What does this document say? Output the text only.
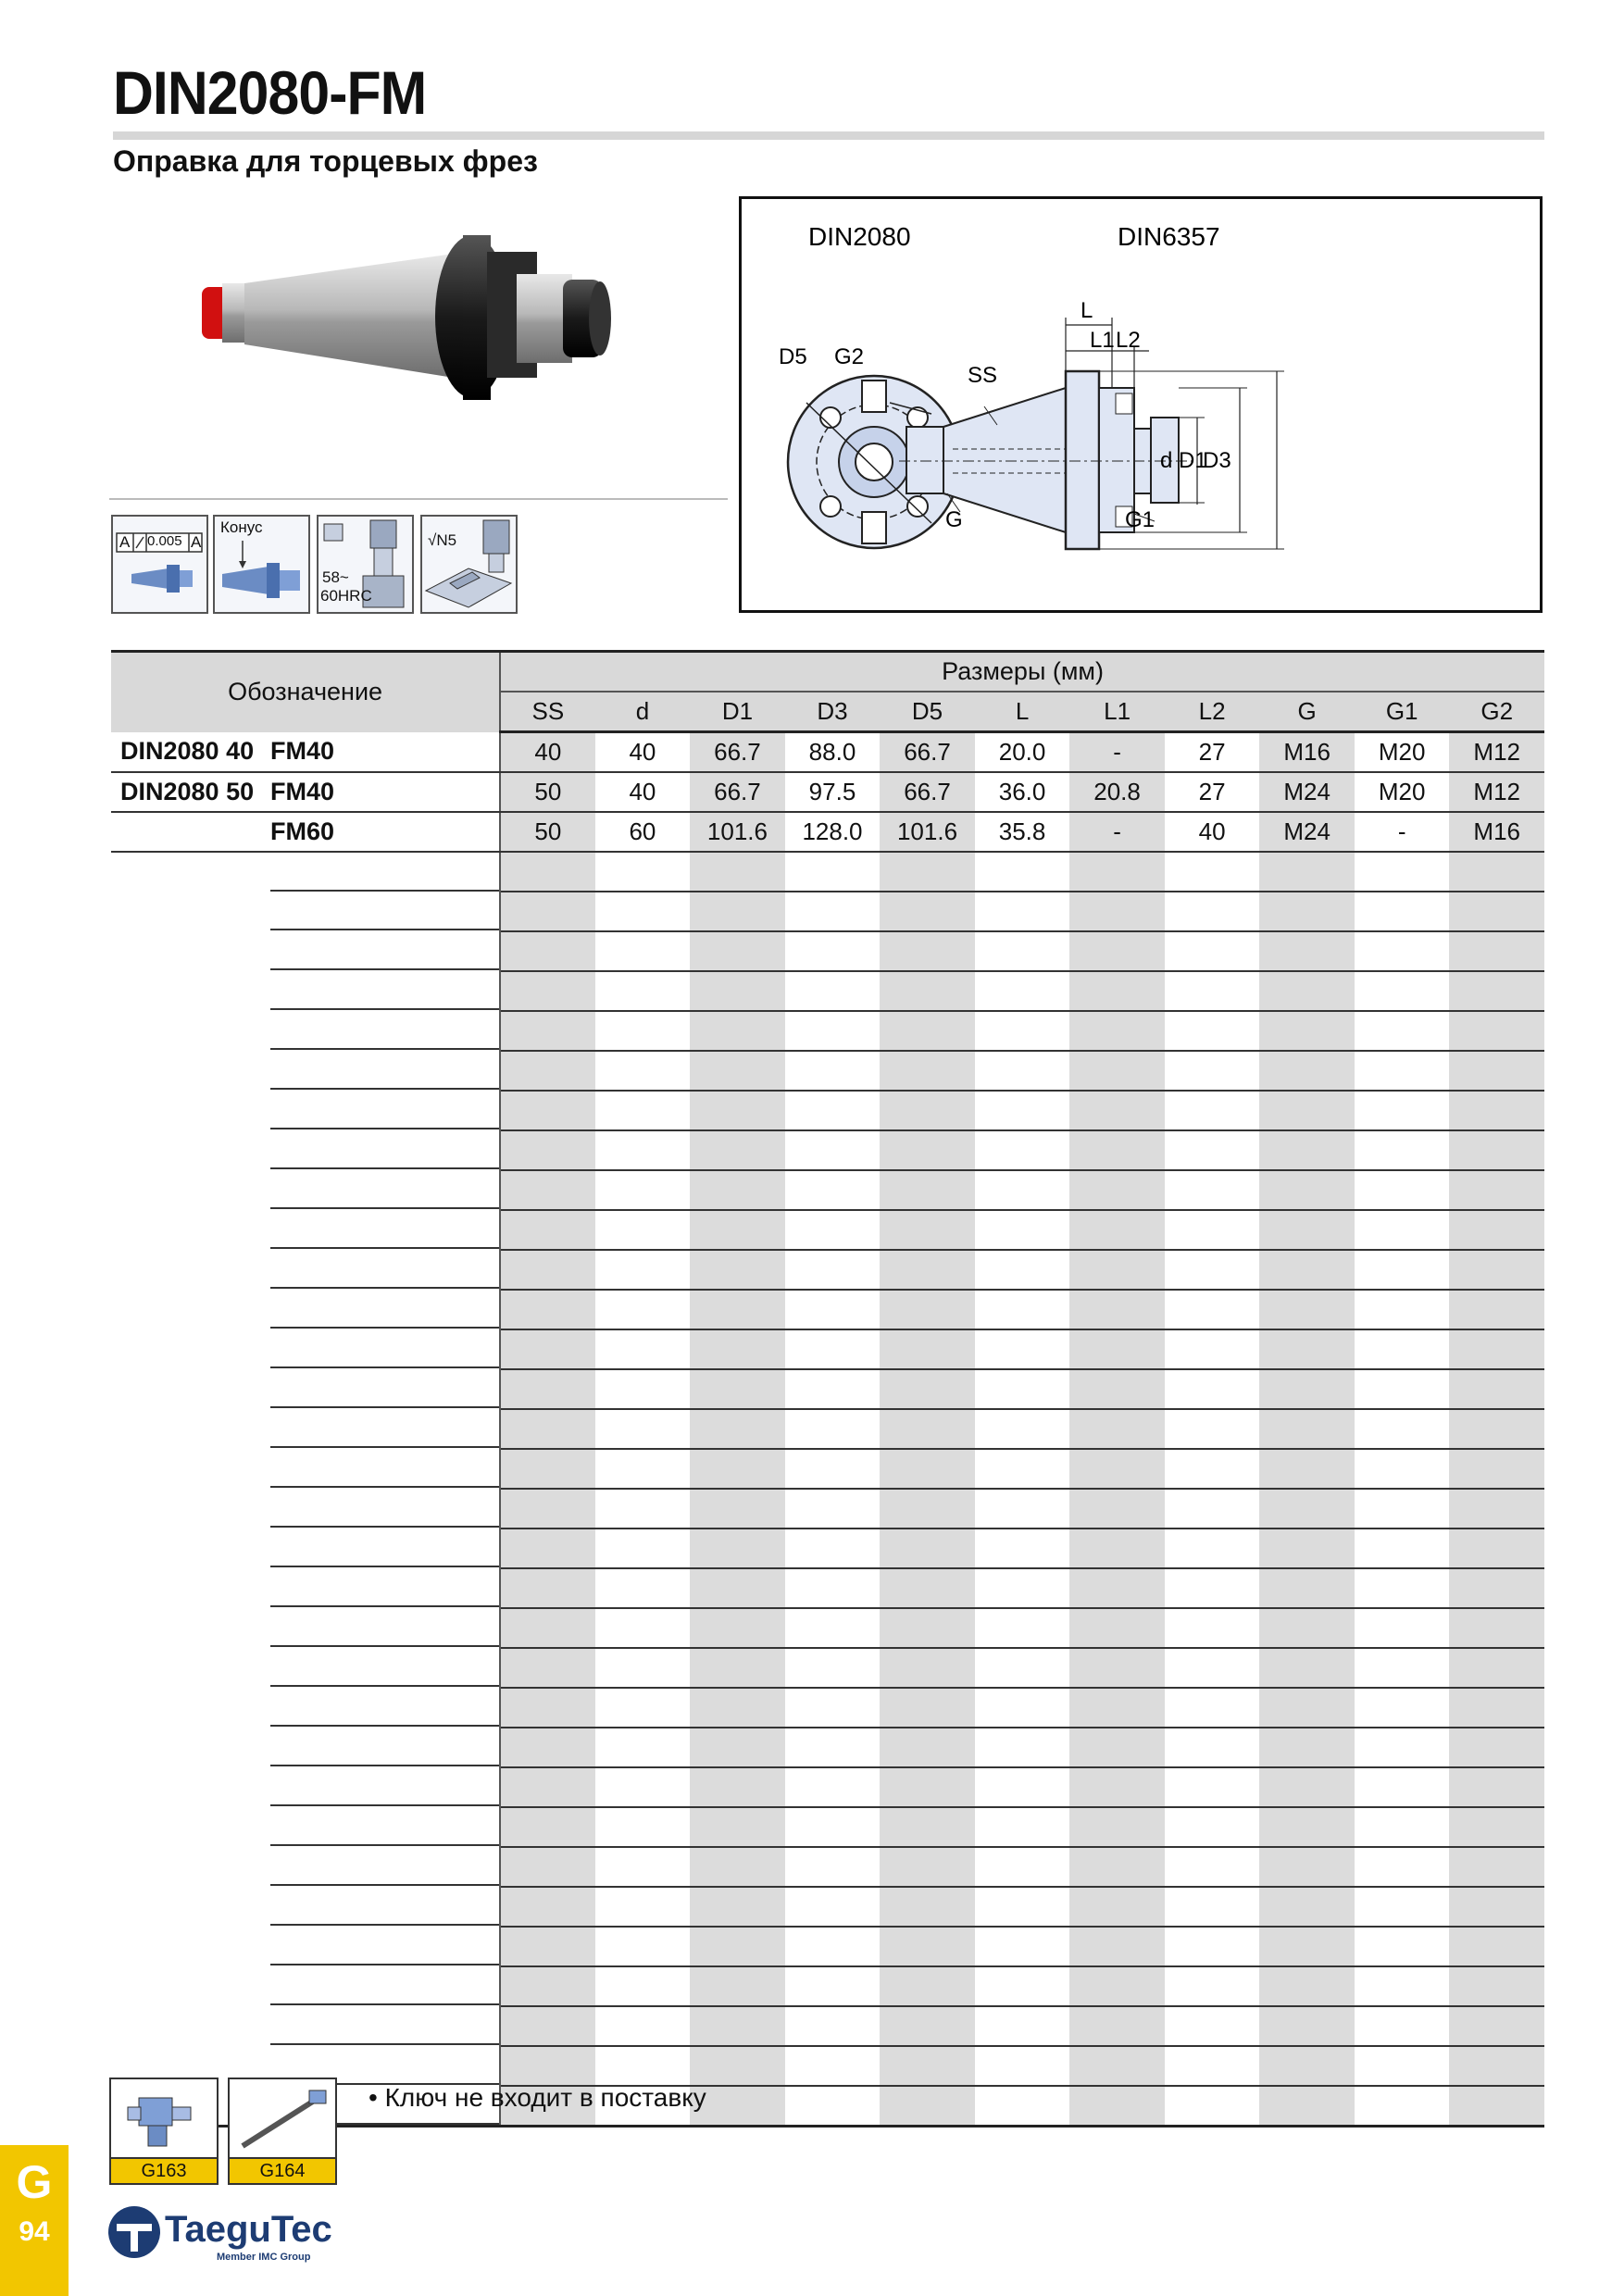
DIN2080-FM
Оправка для торцевых фрез
A 0.005 A
Конус
58~
60HRC
√N5
DIN2080	DIN6357
D5 G2
SS
G	G1
L
L1 L2
d D1
D3
Обозначение	Размеры (мм)										
	SS	d	D1	D3	D5	L	L1	L2	G	G1	G2
DIN2080 40 FM40	40	40	66.7	88.0	66.7	20.0	-	27	M16	M20	M12
DIN2080 50 FM40	50	40	66.7	97.5	66.7	36.0	20.8	27	M24	M20	M12
FM60	50	60	101.6	128.0	101.6	35.8	-	40	M24	-	M16

G163	G164
• Ключ не входит в поставку
G
94	TaeguTec
Member IMC Group
